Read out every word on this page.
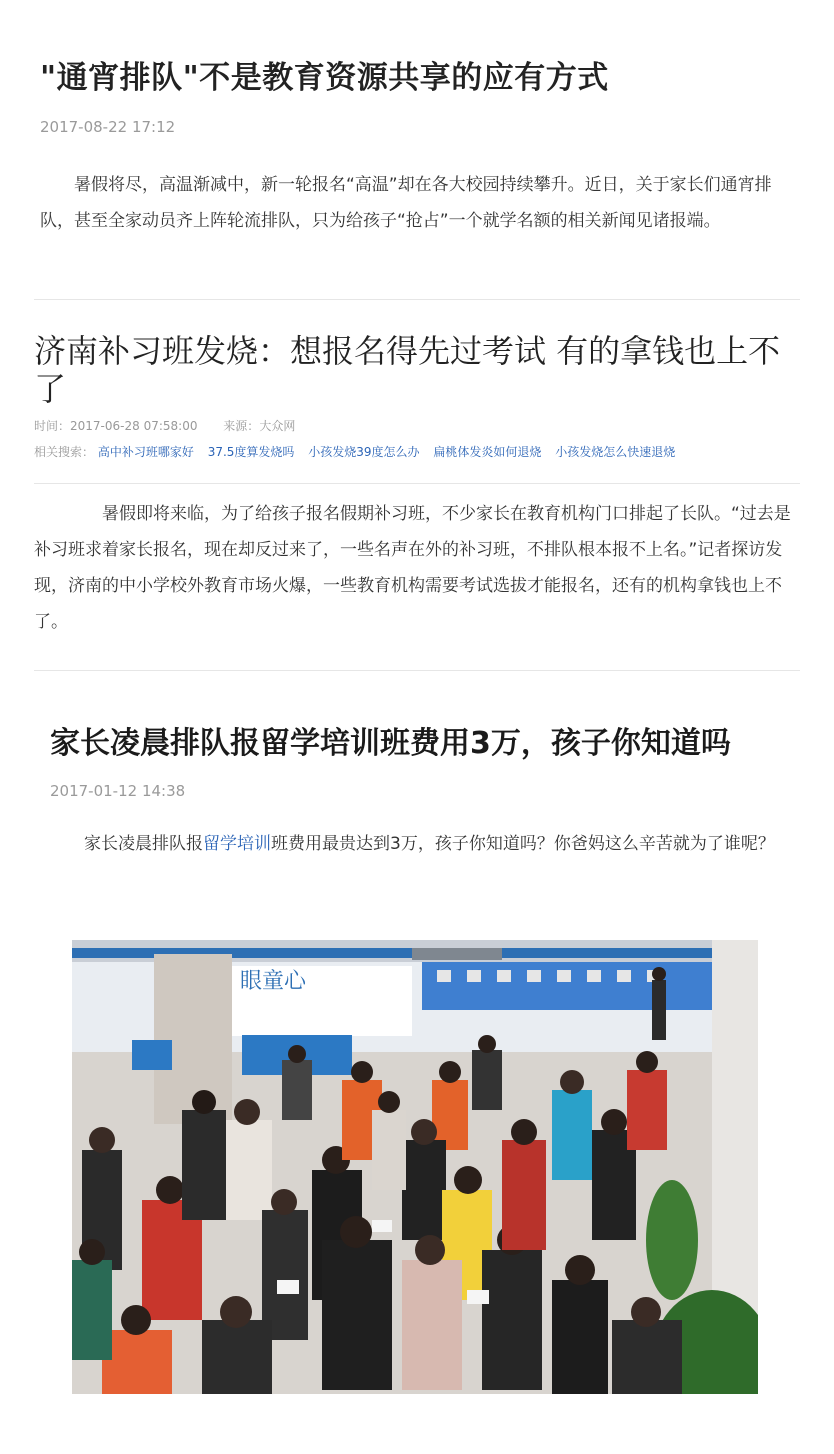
"通宵排队"不是教育资源共享的应有方式
2017-08-22 17:12
暑假将尽，高温渐减中，新一轮报名“高温”却在各大校园持续攀升。近日，关于家长们通宵排队，甚至全家动员齐上阵轮流排队，只为给孩子“抢占”一个就学名额的相关新闻见诸报端。
济南补习班发烧：想报名得先过考试 有的拿钱也上不了
时间：2017-06-28 07:58:00 来源：大众网
相关搜索： 高中补习班哪家好 37.5度算发烧吗 小孩发烧39度怎么办 扁桃体发炎如何退烧 小孩发烧怎么快速退烧
暑假即将来临，为了给孩子报名假期补习班，不少家长在教育机构门口排起了长队。“过去是补习班求着家长报名，现在却反过来了，一些名声在外的补习班，不排队根本报不上名。”记者探访发现，济南的中小学校外教育市场火爆，一些教育机构需要考试选拔才能报名，还有的机构拿钱也上不了。
家长凌晨排队报留学培训班费用3万，孩子你知道吗
2017-01-12 14:38
家长凌晨排队报留学培训班费用最贵达到3万，孩子你知道吗？你爸妈这么辛苦就为了谁呢？
眼童心
